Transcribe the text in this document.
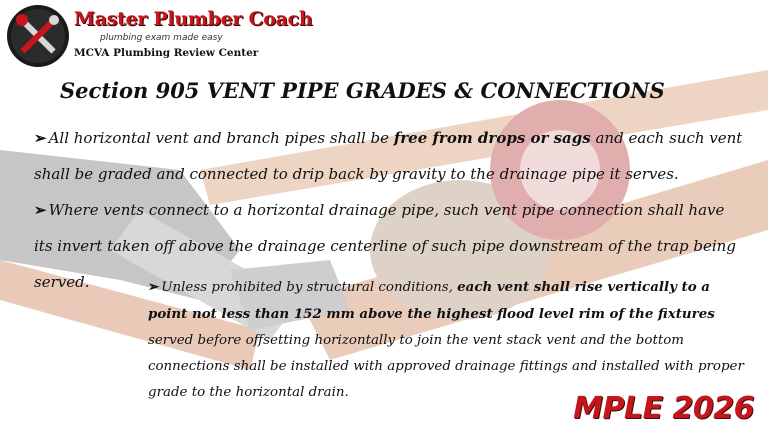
Master Plumber Coach
plumbing exam made easy
MCVA Plumbing Review Center
Section 905 VENT PIPE GRADES & CONNECTIONS
➢ All horizontal vent and branch pipes shall be free from drops or sags and each such vent shall be graded and connected to drip back by gravity to the drainage pipe it serves.
➢ Where vents connect to a horizontal drainage pipe, such vent pipe connection shall have its invert taken off above the drainage centerline of such pipe downstream of the trap being served.	➢ Unless prohibited by structural conditions, each vent shall rise vertically to a point not less than 152 mm above the highest flood level rim of the fixtures served before offsetting horizontally to join the vent stack vent and the bottom connections shall be installed with approved drainage fittings and installed with proper grade to the horizontal drain.	MPLE 2026
